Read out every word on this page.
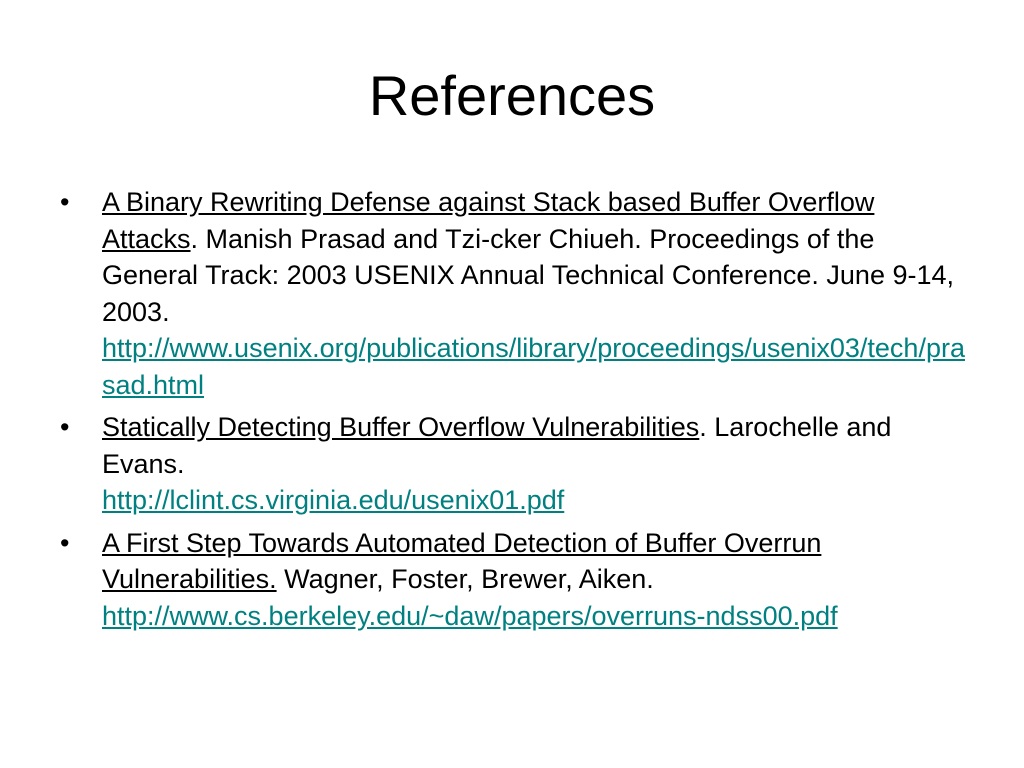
References
• A Binary Rewriting Defense against Stack based Buffer Overflow Attacks. Manish Prasad and Tzi-cker Chiueh. Proceedings of the General Track: 2003 USENIX Annual Technical Conference. June 9-14, 2003.
http://www.usenix.org/publications/library/proceedings/usenix03/tech/prasad.html
• Statically Detecting Buffer Overflow Vulnerabilities. Larochelle and Evans.
http://lclint.cs.virginia.edu/usenix01.pdf
• A First Step Towards Automated Detection of Buffer Overrun Vulnerabilities. Wagner, Foster, Brewer, Aiken.
http://www.cs.berkeley.edu/~daw/papers/overruns-ndss00.pdf
